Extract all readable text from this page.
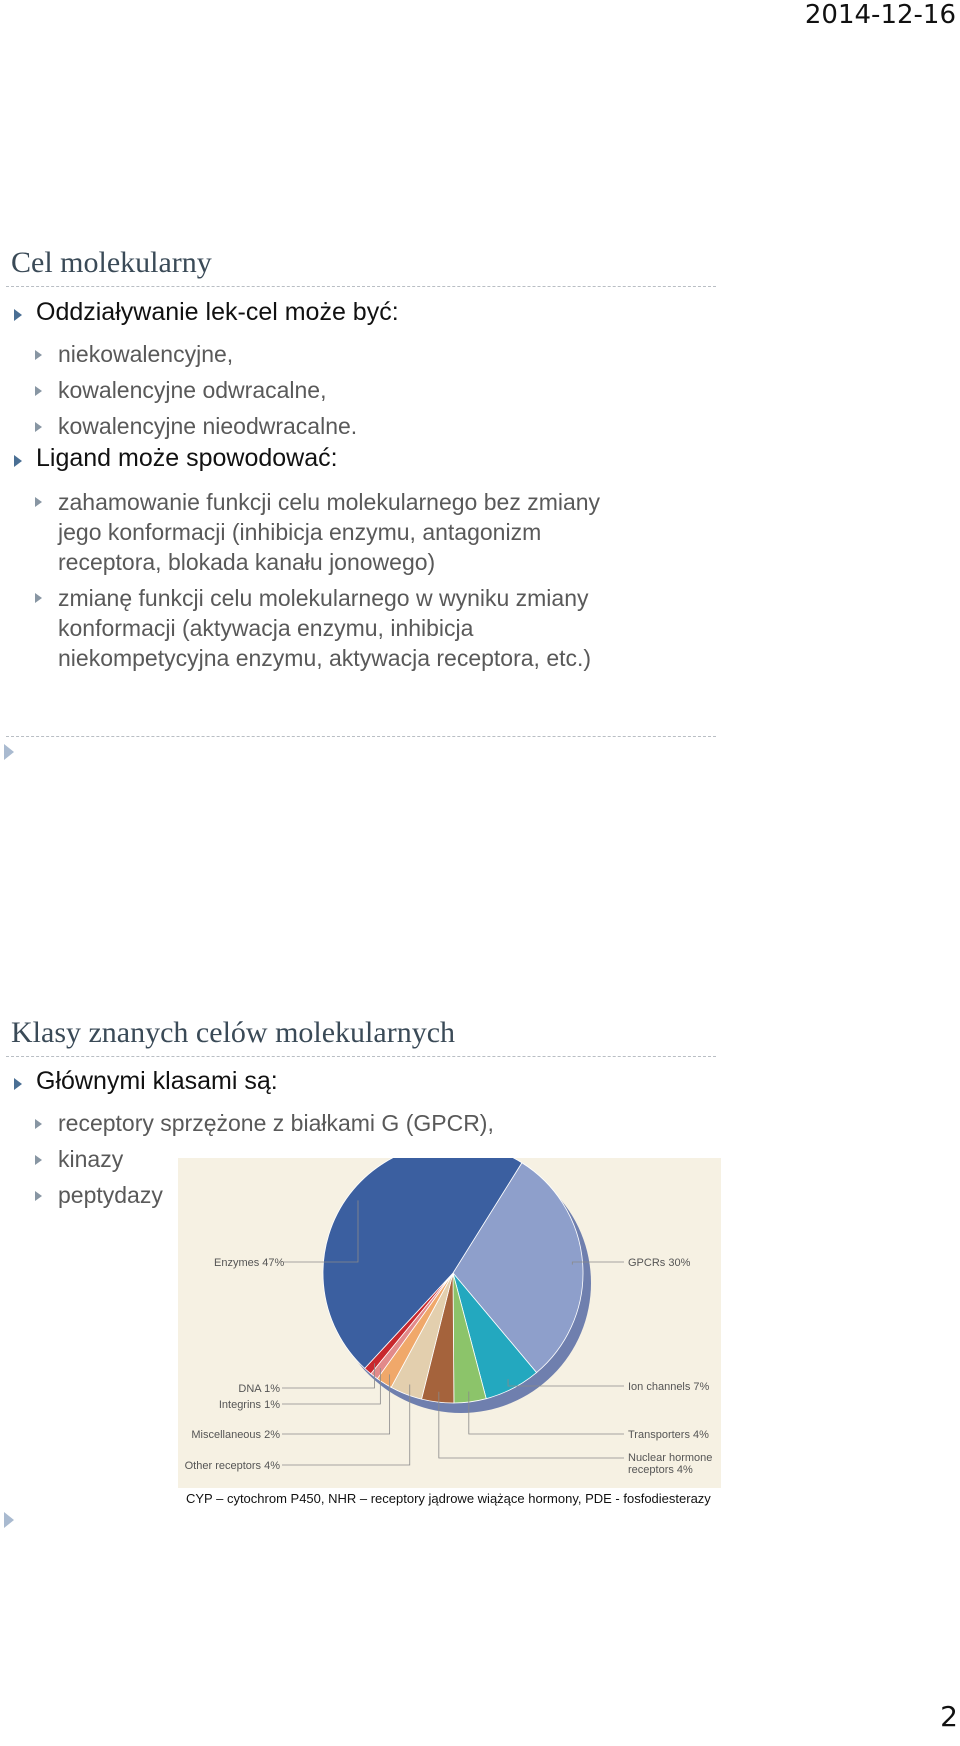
2014-12-16
Cel molekularny
Oddziaływanie lek-cel może być:
niekowalencyjne,
kowalencyjne odwracalne,
kowalencyjne nieodwracalne.
Ligand może spowodować:
zahamowanie funkcji celu molekularnego bez zmiany
jego konformacji (inhibicja enzymu, antagonizm
receptora, blokada kanału jonowego)
zmianę funkcji celu molekularnego w wyniku zmiany
konformacji (aktywacja enzymu, inhibicja
niekompetycyjna enzymu, aktywacja receptora, etc.)
Klasy znanych celów molekularnych
Głównymi klasami są:
receptory sprzężone z białkami G (GPCR),
kinazy
peptydazy
Enzymes 47%	GPCRs 30%
Ion channels 7%
Transporters 4%
Nuclear hormone
receptors 4%
Other receptors 4%
Miscellaneous 2%
Integrins 1%
DNA 1%
CYP – cytochrom P450, NHR – receptory jądrowe wiążące hormony, PDE - fosfodiesterazy
2
